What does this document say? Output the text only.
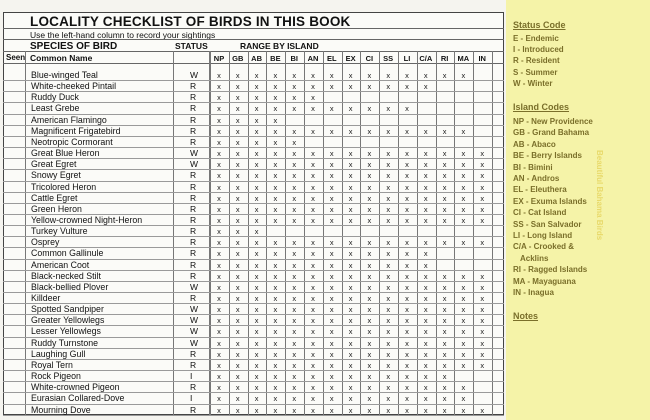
LOCALITY CHECKLIST OF BIRDS IN THIS BOOK
Use the left-hand column to record your sightings
SPECIES OF BIRD	STATUS	RANGE BY ISLAND
Seen Common Name	NP	GB	AB	BE	BI	AN	EL	EX	CI	SS	LI	C/A	RI	MA	IN
Blue-winged Teal	W	x	x	x	x	x	x	x	x	x	x	x	x	x	x
White-cheeked Pintail	R	x	x	x	x	x	x	x	x	x	x	x	x
Ruddy Duck	R	x	x	x	x	x	x
Least Grebe	R	x	x	x	x	x	x	x	x	x	x	x
American Flamingo	R	x	x	x	x
Magnificent Frigatebird	R	x	x	x	x	x	x	x	x	x	x	x	x	x	x
Neotropic Cormorant	R	x	x	x	x	x
Great Blue Heron	W	x	x	x	x	x	x	x	x	x	x	x	x	x	x	x
Great Egret	W	x	x	x	x	x	x	x	x	x	x	x	x	x	x	x
Snowy Egret	R	x	x	x	x	x	x	x	x	x	x	x	x	x	x	x
Tricolored Heron	R	x	x	x	x	x	x	x	x	x	x	x	x	x	x	x
Cattle Egret	R	x	x	x	x	x	x	x	x	x	x	x	x	x	x	x
Green Heron	R	x	x	x	x	x	x	x	x	x	x	x	x	x	x	x
Yellow-crowned Night-Heron	R	x	x	x	x	x	x	x	x	x	x	x	x	x	x	x
Turkey Vulture	R	x	x	x
Osprey	R	x	x	x	x	x	x	x	x	x	x	x	x	x	x	x
Common Gallinule	R	x	x	x	x	x	x	x	x	x	x	x	x
American Coot	R	x	x	x	x	x	x	x	x	x	x	x	x
Black-necked Stilt	R	x	x	x	x	x	x	x	x	x	x	x	x	x	x	x
Black-bellied Plover	W	x	x	x	x	x	x	x	x	x	x	x	x	x	x	x
Killdeer	R	x	x	x	x	x	x	x	x	x	x	x	x	x	x	x
Spotted Sandpiper	W	x	x	x	x	x	x	x	x	x	x	x	x	x	x	x
Greater Yellowlegs	W	x	x	x	x	x	x	x	x	x	x	x	x	x	x	x
Lesser Yellowlegs	W	x	x	x	x	x	x	x	x	x	x	x	x	x	x	x
Ruddy Turnstone	W	x	x	x	x	x	x	x	x	x	x	x	x	x	x	x
Laughing Gull	R	x	x	x	x	x	x	x	x	x	x	x	x	x	x	x
Royal Tern	R	x	x	x	x	x	x	x	x	x	x	x	x	x	x	x
Rock Pigeon	I	x	x	x	x	x	x	x	x	x	x	x	x	x
White-crowned Pigeon	R	x	x	x	x	x	x	x	x	x	x	x	x	x	x
Eurasian Collared-Dove	I	x	x	x	x	x	x	x	x	x	x	x	x	x	x
Mourning Dove	R	x	x	x	x	x	x	x	x	x	x	x	x	x	x	x
Status Code
E - Endemic
I - Introduced
R - Resident
S - Summer
W - Winter
Island Codes
NP - New Providence
GB - Grand Bahama
AB - Abaco
BE - Berry Islands
BI - Bimini
AN - Andros
EL - Eleuthera
EX - Exuma Islands
CI - Cat Island
SS - San Salvador
LI - Long Island
C/A - Crooked &
Acklins
RI - Ragged Islands
MA - Mayaguana
IN - Inagua
Notes
Beautiful Bahama Birds
